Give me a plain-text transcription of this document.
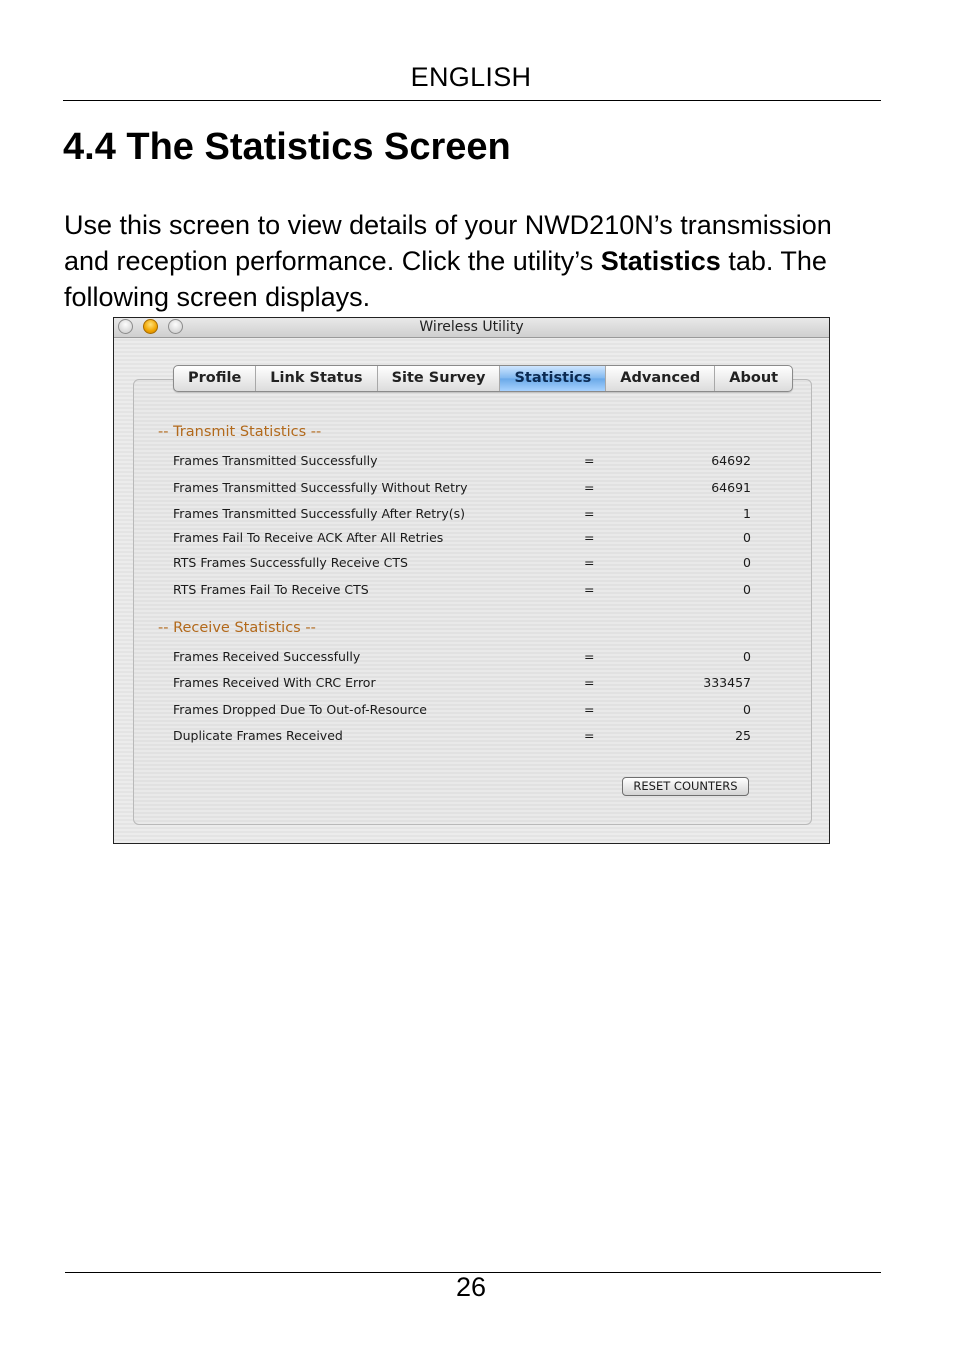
ENGLISH
4.4 The Statistics Screen

Use this screen to view details of your NWD210N’s transmission and reception performance. Click the utility’s Statistics tab. The following screen displays.

Wireless Utility
Profile	Link Status	Site Survey	Statistics	Advanced	About
-- Transmit Statistics --
Frames Transmitted Successfully	=	64692
Frames Transmitted Successfully Without Retry	=	64691
Frames Transmitted Successfully After Retry(s)	=	1
Frames Fail To Receive ACK After All Retries	=	0
RTS Frames Successfully Receive CTS	=	0
RTS Frames Fail To Receive CTS	=	0
-- Receive Statistics --
Frames Received Successfully	=	0
Frames Received With CRC Error	=	333457
Frames Dropped Due To Out-of-Resource	=	0
Duplicate Frames Received	=	25
RESET COUNTERS
26
